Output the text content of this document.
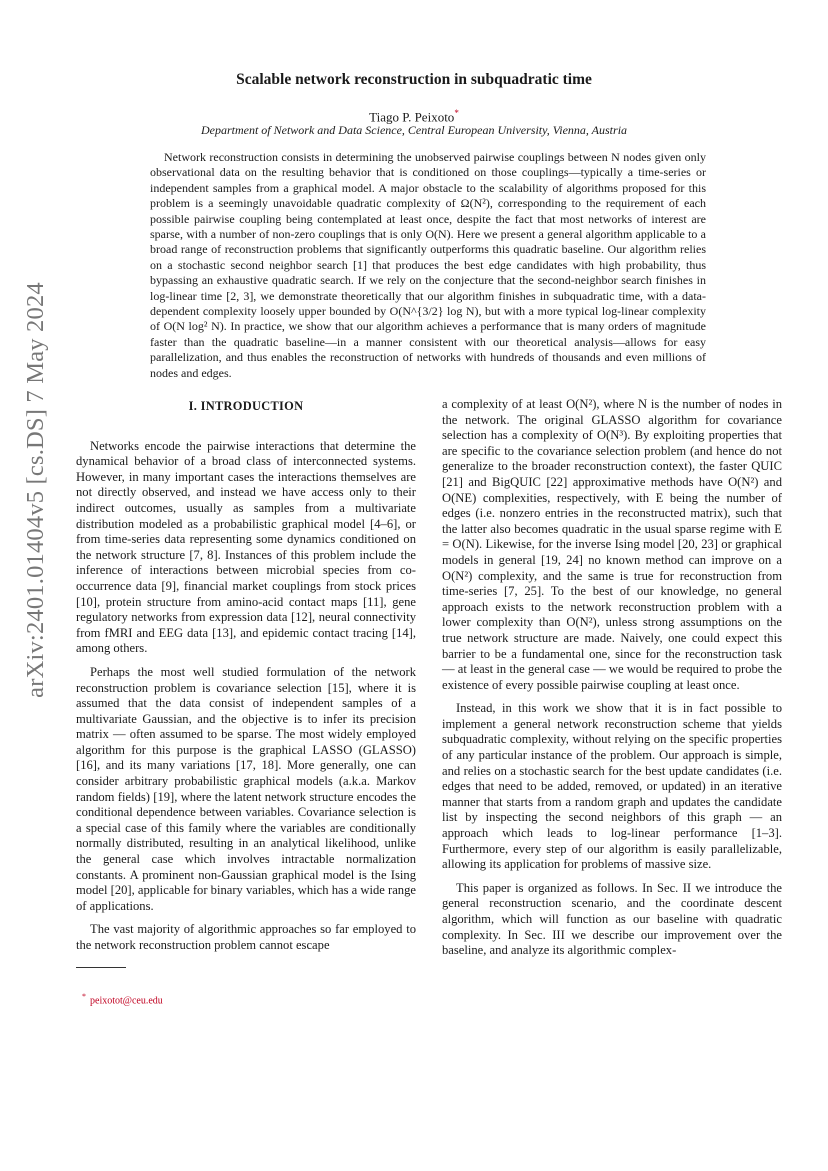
arXiv:2401.01404v5 [cs.DS] 7 May 2024
Scalable network reconstruction in subquadratic time
Tiago P. Peixoto*
Department of Network and Data Science, Central European University, Vienna, Austria

Network reconstruction consists in determining the unobserved pairwise couplings between N nodes given only observational data on the resulting behavior that is conditioned on those couplings—typically a time-series or independent samples from a graphical model. A major obstacle to the scalability of algorithms proposed for this problem is a seemingly unavoidable quadratic complexity of Ω(N²), corresponding to the requirement of each possible pairwise coupling being contemplated at least once, despite the fact that most networks of interest are sparse, with a number of non-zero couplings that is only O(N). Here we present a general algorithm applicable to a broad range of reconstruction problems that significantly outperforms this quadratic baseline. Our algorithm relies on a stochastic second neighbor search [1] that produces the best edge candidates with high probability, thus bypassing an exhaustive quadratic search. If we rely on the conjecture that the second-neighbor search finishes in log-linear time [2, 3], we demonstrate theoretically that our algorithm finishes in subquadratic time, with a data-dependent complexity loosely upper bounded by O(N^{3/2} log N), but with a more typical log-linear complexity of O(N log² N). In practice, we show that our algorithm achieves a performance that is many orders of magnitude faster than the quadratic baseline—in a manner consistent with our theoretical analysis—allows for easy parallelization, and thus enables the reconstruction of networks with hundreds of thousands and even millions of nodes and edges.

I. INTRODUCTION

Networks encode the pairwise interactions that determine the dynamical behavior of a broad class of interconnected systems. However, in many important cases the interactions themselves are not directly observed, and instead we have access only to their indirect outcomes, usually as samples from a multivariate distribution modeled as a probabilistic graphical model [4–6], or from time-series data representing some dynamics conditioned on the network structure [7, 8]. Instances of this problem include the inference of interactions between microbial species from co-occurrence data [9], financial market couplings from stock prices [10], protein structure from amino-acid contact maps [11], gene regulatory networks from expression data [12], neural connectivity from fMRI and EEG data [13], and epidemic contact tracing [14], among others.

Perhaps the most well studied formulation of the network reconstruction problem is covariance selection [15], where it is assumed that the data consist of independent samples of a multivariate Gaussian, and the objective is to infer its precision matrix — often assumed to be sparse. The most widely employed algorithm for this purpose is the graphical LASSO (GLASSO) [16], and its many variations [17, 18]. More generally, one can consider arbitrary probabilistic graphical models (a.k.a. Markov random fields) [19], where the latent network structure encodes the conditional dependence between variables. Covariance selection is a special case of this family where the variables are conditionally normally distributed, resulting in an analytical likelihood, unlike the general case which involves intractable normalization constants. A prominent non-Gaussian graphical model is the Ising model [20], applicable for binary variables, which has a wide range of applications.

The vast majority of algorithmic approaches so far employed to the network reconstruction problem cannot escape

a complexity of at least O(N²), where N is the number of nodes in the network. The original GLASSO algorithm for covariance selection has a complexity of O(N³). By exploiting properties that are specific to the covariance selection problem (and hence do not generalize to the broader reconstruction context), the faster QUIC [21] and BigQUIC [22] approximative methods have O(N²) and O(NE) complexities, respectively, with E being the number of edges (i.e. nonzero entries in the reconstructed matrix), such that the latter also becomes quadratic in the usual sparse regime with E = O(N). Likewise, for the inverse Ising model [20, 23] or graphical models in general [19, 24] no known method can improve on a O(N²) complexity, and the same is true for reconstruction from time-series [7, 25]. To the best of our knowledge, no general approach exists to the network reconstruction problem with a lower complexity than O(N²), unless strong assumptions on the true network structure are made. Naively, one could expect this barrier to be a fundamental one, since for the reconstruction task — at least in the general case — we would be required to probe the existence of every possible pairwise coupling at least once.

Instead, in this work we show that it is in fact possible to implement a general network reconstruction scheme that yields subquadratic complexity, without relying on the specific properties of any particular instance of the problem. Our approach is simple, and relies on a stochastic search for the best update candidates (i.e. edges that need to be added, removed, or updated) in an iterative manner that starts from a random graph and updates the candidate list by inspecting the second neighbors of this graph — an approach which leads to log-linear performance [1–3]. Furthermore, every step of our algorithm is easily parallelizable, allowing its application for problems of massive size.

This paper is organized as follows. In Sec. II we introduce the general reconstruction scenario, and the coordinate descent algorithm, which will function as our baseline with quadratic complexity. In Sec. III we describe our improvement over the baseline, and analyze its algorithmic complex-

* peixotot@ceu.edu
